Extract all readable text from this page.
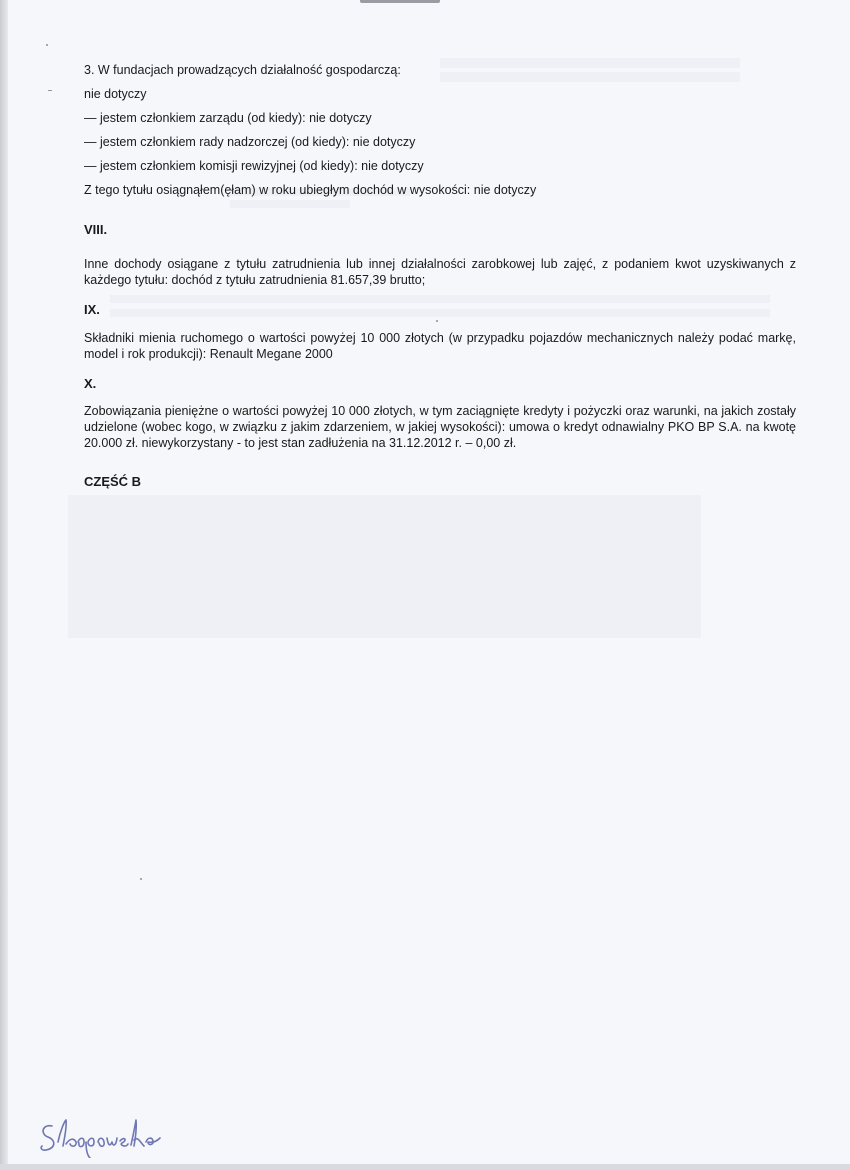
3. W fundacjach prowadzących działalność gospodarczą:
nie dotyczy
— jestem członkiem zarządu (od kiedy): nie dotyczy
— jestem członkiem rady nadzorczej (od kiedy): nie dotyczy
— jestem członkiem komisji rewizyjnej (od kiedy): nie dotyczy
Z tego tytułu osiągnąłem(ęłam) w roku ubiegłym dochód w wysokości: nie dotyczy
VIII.
Inne dochody osiągane z tytułu zatrudnienia lub innej działalności zarobkowej lub zajęć, z podaniem kwot uzyskiwanych z każdego tytułu: dochód z tytułu zatrudnienia 81.657,39 brutto;
IX.
Składniki mienia ruchomego o wartości powyżej 10 000 złotych (w przypadku pojazdów mechanicznych należy podać markę, model i rok produkcji): Renault Megane 2000
X.
Zobowiązania pieniężne o wartości powyżej 10 000 złotych, w tym zaciągnięte kredyty i pożyczki oraz warunki, na jakich zostały udzielone (wobec kogo, w związku z jakim zdarzeniem, w jakiej wysokości): umowa o kredyt odnawialny PKO BP S.A. na kwotę 20.000 zł. niewykorzystany - to jest stan zadłużenia na 31.12.2012 r. – 0,00 zł.
CZĘŚĆ B
